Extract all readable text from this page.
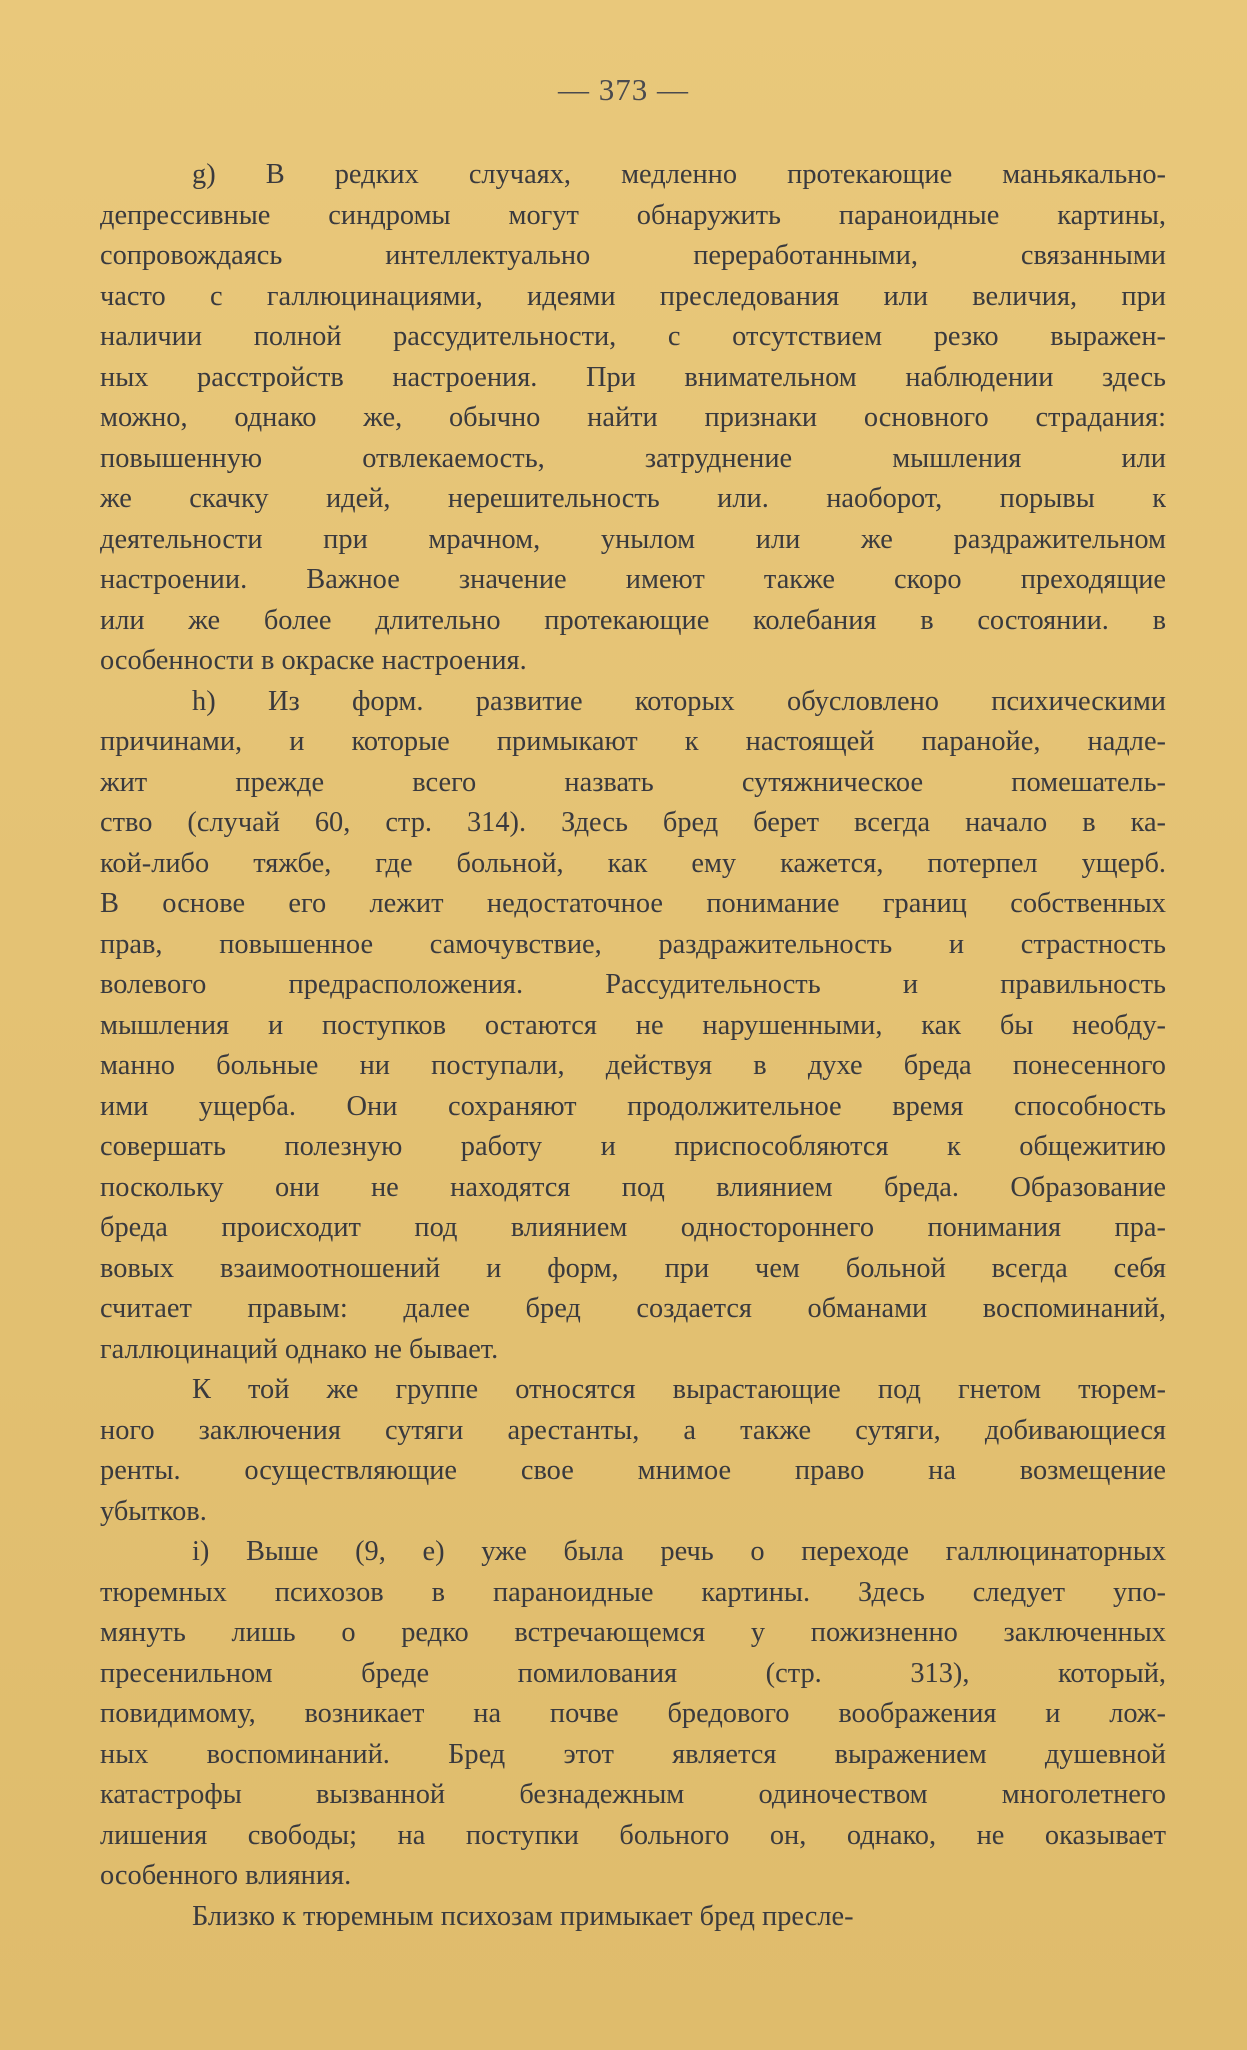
— 373 —
g) В редких случаях, медленно протекающие маньякально-
депрессивные синдромы могут обнаружить параноидные картины,
сопровождаясь интеллектуально переработанными, связанными
часто с галлюцинациями, идеями преследования или величия, при
наличии полной рассудительности, с отсутствием резко выражен-
ных расстройств настроения. При внимательном наблюдении здесь
можно, однако же, обычно найти признаки основного страдания:
повышенную отвлекаемость, затруднение мышления или
же скачку идей, нерешительность или. наоборот, порывы к
деятельности при мрачном, унылом или же раздражительном
настроении. Важное значение имеют также скоро преходящие
или же более длительно протекающие колебания в состоянии. в
особенности в окраске настроения.
h) Из форм. развитие которых обусловлено психическими
причинами, и которые примыкают к настоящей паранойе, надле-
жит прежде всего назвать сутяжническое помешатель-
ство (случай 60, стр. 314). Здесь бред берет всегда начало в ка-
кой-либо тяжбе, где больной, как ему кажется, потерпел ущерб.
В основе его лежит недостаточное понимание границ собственных
прав, повышенное самочувствие, раздражительность и страстность
волевого предрасположения. Рассудительность и правильность
мышления и поступков остаются не нарушенными, как бы необду-
манно больные ни поступали, действуя в духе бреда понесенного
ими ущерба. Они сохраняют продолжительное время способность
совершать полезную работу и приспособляются к общежитию
поскольку они не находятся под влиянием бреда. Образование
бреда происходит под влиянием одностороннего понимания пра-
вовых взаимоотношений и форм, при чем больной всегда себя
считает правым: далее бред создается обманами воспоминаний,
галлюцинаций однако не бывает.
К той же группе относятся вырастающие под гнетом тюрем-
ного заключения сутяги арестанты, а также сутяги, добивающиеся
ренты. осуществляющие свое мнимое право на возмещение
убытков.
i) Выше (9, е) уже была речь о переходе галлюцинаторных
тюремных психозов в параноидные картины. Здесь следует упо-
мянуть лишь о редко встречающемся у пожизненно заключенных
пресенильном бреде помилования (стр. 313), который,
повидимому, возникает на почве бредового воображения и лож-
ных воспоминаний. Бред этот является выражением душевной
катастрофы вызванной безнадежным одиночеством многолетнего
лишения свободы; на поступки больного он, однако, не оказывает
особенного влияния.
Близко к тюремным психозам примыкает бред пресле-
